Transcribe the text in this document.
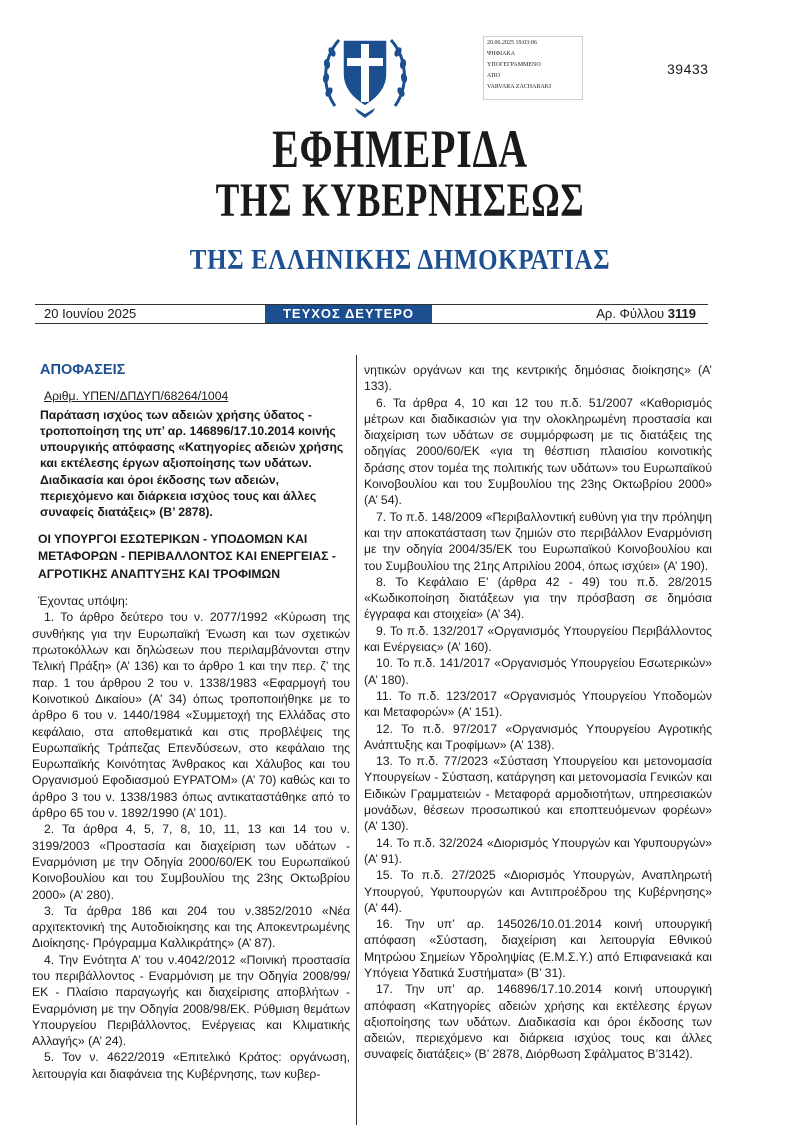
20.06.2025 19:03:06
ΨΗΦΙΑΚΑ
ΥΠΟΓΕΓΡΑΜΜΕΝΟ
ΑΠΟ
VARVARA ZACHARAKI
39433
ΕΦΗΜΕΡΙΔΑ
ΤΗΣ ΚΥΒΕΡΝΗΣΕΩΣ
ΤΗΣ ΕΛΛΗΝΙΚΗΣ ΔΗΜΟΚΡΑΤΙΑΣ
20 Ιουνίου 2025	ΤΕΥΧΟΣ ΔΕΥΤΕΡΟ	Αρ. Φύλλου 3119
ΑΠΟΦΑΣΕΙΣ
Αριθμ. ΥΠΕΝ/ΔΠΔΥΠ/68264/1004
Παράταση ισχύος των αδειών χρήσης ύδατος - τροποποίηση της υπ’ αρ. 146896/17.10.2014 κοινής υπουργικής απόφασης «Κατηγορίες αδειών χρήσης και εκτέλεσης έργων αξιοποίησης των υδάτων. Διαδικασία και όροι έκδοσης των αδειών, περιεχόμενο και διάρκεια ισχύος τους και άλλες συναφείς διατάξεις» (Β’ 2878).
ΟΙ ΥΠΟΥΡΓΟΙ ΕΣΩΤΕΡΙΚΩΝ - ΥΠΟΔΟΜΩΝ ΚΑΙ ΜΕΤΑΦΟΡΩΝ - ΠΕΡΙΒΑΛΛΟΝΤΟΣ ΚΑΙ ΕΝΕΡΓΕΙΑΣ - ΑΓΡΟΤΙΚΗΣ ΑΝΑΠΤΥΞΗΣ ΚΑΙ ΤΡΟΦΙΜΩΝ
Έχοντας υπόψη:

1. Το άρθρο δεύτερο του ν. 2077/1992 «Κύρωση της συνθήκης για την Ευρωπαϊκή Ένωση και των σχετικών πρωτοκόλλων και δηλώσεων που περιλαμβάνονται στην Τελική Πράξη» (Α’ 136) και το άρθρο 1 και την περ. ζ’ της παρ. 1 του άρθρου 2 του ν. 1338/1983 «Εφαρμογή του Κοινοτικού Δικαίου» (Α’ 34) όπως τροποποιήθηκε με το άρθρο 6 του ν. 1440/1984 «Συμμετοχή της Ελλάδας στο κεφάλαιο, στα αποθεματικά και στις προβλέψεις της Ευρωπαϊκής Τράπεζας Επενδύσεων, στο κεφάλαιο της Ευρωπαϊκής Κοινότητας Άνθρακος και Χάλυβος και του Οργανισμού Εφοδιασμού ΕΥΡΑΤΟΜ» (Α’ 70) καθώς και το άρθρο 3 του ν. 1338/1983 όπως αντικαταστάθηκε από το άρθρο 65 του ν. 1892/1990 (Α’ 101).

2. Τα άρθρα 4, 5, 7, 8, 10, 11, 13 και 14 του ν. 3199/2003 «Προστασία και διαχείριση των υδάτων - Εναρμόνιση με την Οδηγία 2000/60/ΕΚ του Ευρωπαϊκού Κοινοβουλίου και του Συμβουλίου της 23ης Οκτωβρίου 2000» (Α’ 280).

3. Τα άρθρα 186 και 204 του ν.3852/2010 «Νέα αρχιτεκτονική της Αυτοδιοίκησης και της Αποκεντρωμένης Διοίκησης- Πρόγραμμα Καλλικράτης» (Α’ 87).

4. Την Ενότητα Α’ του ν.4042/2012 «Ποινική προστασία του περιβάλλοντος - Εναρμόνιση με την Οδηγία 2008/99/ΕΚ - Πλαίσιο παραγωγής και διαχείρισης αποβλήτων - Εναρμόνιση με την Οδηγία 2008/98/ΕΚ. Ρύθμιση θεμάτων Υπουργείου Περιβάλλοντος, Ενέργειας και Κλιματικής Αλλαγής» (Α’ 24).

5. Τον ν. 4622/2019 «Επιτελικό Κράτος: οργάνωση, λειτουργία και διαφάνεια της Κυβέρνησης, των κυβερ-

νητικών οργάνων και της κεντρικής δημόσιας διοίκησης» (Α’ 133).

6. Τα άρθρα 4, 10 και 12 του π.δ. 51/2007 «Καθορισμός μέτρων και διαδικασιών για την ολοκληρωμένη προστασία και διαχείριση των υδάτων σε συμμόρφωση με τις διατάξεις της οδηγίας 2000/60/ΕΚ «για τη θέσπιση πλαισίου κοινοτικής δράσης στον τομέα της πολιτικής των υδάτων» του Ευρωπαϊκού Κοινοβουλίου και του Συμβουλίου της 23ης Οκτωβρίου 2000» (Α’ 54).

7. Το π.δ. 148/2009 «Περιβαλλοντική ευθύνη για την πρόληψη και την αποκατάσταση των ζημιών στο περιβάλλον Εναρμόνιση με την οδηγία 2004/35/ΕΚ του Ευρωπαϊκού Κοινοβουλίου και του Συμβουλίου της 21ης Απριλίου 2004, όπως ισχύει» (Α’ 190).

8. Το Κεφάλαιο Ε’ (άρθρα 42 - 49) του π.δ. 28/2015 «Κωδικοποίηση διατάξεων για την πρόσβαση σε δημόσια έγγραφα και στοιχεία» (Α’ 34).

9. Το π.δ. 132/2017 «Οργανισμός Υπουργείου Περιβάλλοντος και Ενέργειας» (Α’ 160).

10. Το π.δ. 141/2017 «Οργανισμός Υπουργείου Εσωτερικών» (Α’ 180).

11. Το π.δ. 123/2017 «Οργανισμός Υπουργείου Υποδομών και Μεταφορών» (Α’ 151).

12. Το π.δ. 97/2017 «Οργανισμός Υπουργείου Αγροτικής Ανάπτυξης και Τροφίμων» (Α’ 138).

13. Το π.δ. 77/2023 «Σύσταση Υπουργείου και μετονομασία Υπουργείων - Σύσταση, κατάργηση και μετονομασία Γενικών και Ειδικών Γραμματειών - Μεταφορά αρμοδιοτήτων, υπηρεσιακών μονάδων, θέσεων προσωπικού και εποπτευόμενων φορέων» (Α’ 130).

14. Το π.δ. 32/2024 «Διορισμός Υπουργών και Υφυπουργών» (Α’ 91).

15. Το π.δ. 27/2025 «Διορισμός Υπουργών, Αναπληρωτή Υπουργού, Υφυπουργών και Αντιπροέδρου της Κυβέρνησης» (Α’ 44).

16. Την υπ’ αρ. 145026/10.01.2014 κοινή υπουργική απόφαση «Σύσταση, διαχείριση και λειτουργία Εθνικού Μητρώου Σημείων Υδροληψίας (Ε.Μ.Σ.Υ.) από Επιφανειακά και Υπόγεια Υδατικά Συστήματα» (Β’ 31).

17. Την υπ’ αρ. 146896/17.10.2014 κοινή υπουργική απόφαση «Κατηγορίες αδειών χρήσης και εκτέλεσης έργων αξιοποίησης των υδάτων. Διαδικασία και όροι έκδοσης των αδειών, περιεχόμενο και διάρκεια ισχύος τους και άλλες συναφείς διατάξεις» (Β’ 2878, Διόρθωση Σφάλματος Β’3142).
